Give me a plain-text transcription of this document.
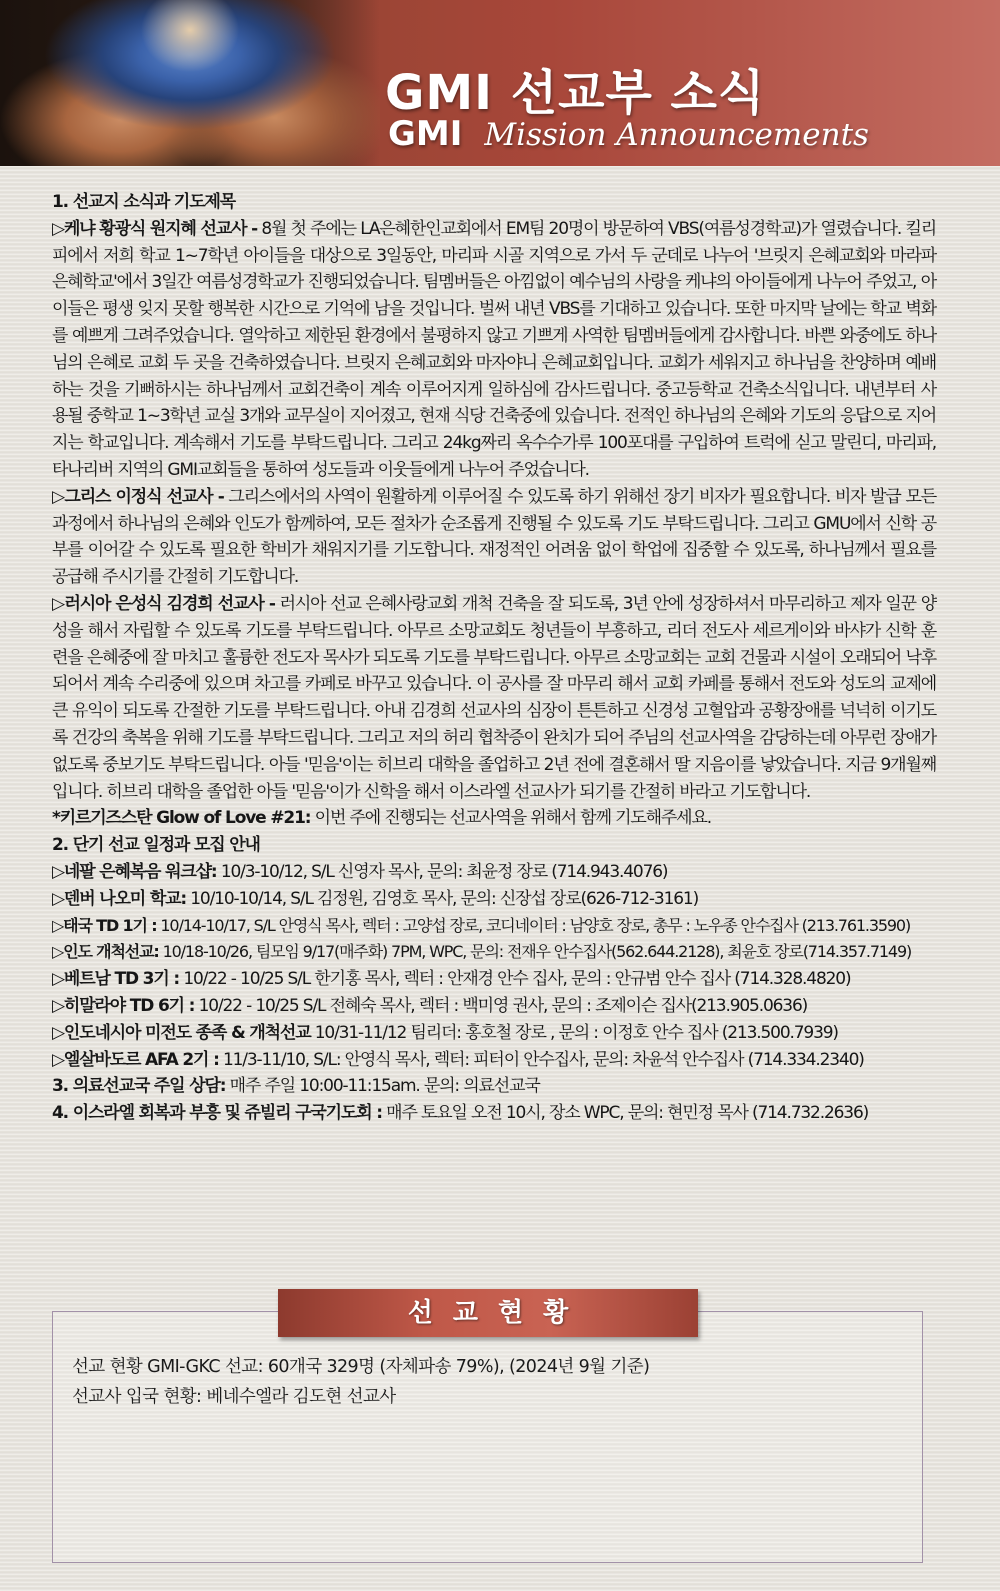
GMI 선교부 소식
GMI Mission Announcements
1. 선교지 소식과 기도제목

▷케냐 황광식 원지혜 선교사 - 8월 첫 주에는 LA은혜한인교회에서 EM팀 20명이 방문하여 VBS(여름성경학교)가 열렸습니다. 킬리피에서 저희 학교 1~7학년 아이들을 대상으로 3일동안, 마리파 시골 지역으로 가서 두 군데로 나누어 '브릿지 은혜교회와 마라파 은혜학교'에서 3일간 여름성경학교가 진행되었습니다. 팀멤버들은 아낌없이 예수님의 사랑을 케냐의 아이들에게 나누어 주었고, 아이들은 평생 잊지 못할 행복한 시간으로 기억에 남을 것입니다. 벌써 내년 VBS를 기대하고 있습니다. 또한 마지막 날에는 학교 벽화를 예쁘게 그려주었습니다. 열악하고 제한된 환경에서 불평하지 않고 기쁘게 사역한 팀멤버들에게 감사합니다. 바쁜 와중에도 하나님의 은혜로 교회 두 곳을 건축하였습니다. 브릿지 은혜교회와 마자야니 은혜교회입니다. 교회가 세워지고 하나님을 찬양하며 예배하는 것을 기뻐하시는 하나님께서 교회건축이 계속 이루어지게 일하심에 감사드립니다. 중고등학교 건축소식입니다. 내년부터 사용될 중학교 1~3학년 교실 3개와 교무실이 지어졌고, 현재 식당 건축중에 있습니다. 전적인 하나님의 은혜와 기도의 응답으로 지어지는 학교입니다. 계속해서 기도를 부탁드립니다. 그리고 24kg짜리 옥수수가루 100포대를 구입하여 트럭에 싣고 말린디, 마리파, 타나리버 지역의 GMI교회들을 통하여 성도들과 이웃들에게 나누어 주었습니다.

▷그리스 이정식 선교사 - 그리스에서의 사역이 원활하게 이루어질 수 있도록 하기 위해선 장기 비자가 필요합니다. 비자 발급 모든 과정에서 하나님의 은혜와 인도가 함께하여, 모든 절차가 순조롭게 진행될 수 있도록 기도 부탁드립니다. 그리고 GMU에서 신학 공부를 이어갈 수 있도록 필요한 학비가 채워지기를 기도합니다. 재정적인 어려움 없이 학업에 집중할 수 있도록, 하나님께서 필요를 공급해 주시기를 간절히 기도합니다.

▷러시아 은성식 김경희 선교사 - 러시아 선교 은혜사랑교회 개척 건축을 잘 되도록, 3년 안에 성장하셔서 마무리하고 제자 일꾼 양성을 해서 자립할 수 있도록 기도를 부탁드립니다. 아무르 소망교회도 청년들이 부흥하고, 리더 전도사 세르게이와 바샤가 신학 훈련을 은혜중에 잘 마치고 훌륭한 전도자 목사가 되도록 기도를 부탁드립니다. 아무르 소망교회는 교회 건물과 시설이 오래되어 낙후되어서 계속 수리중에 있으며 차고를 카페로 바꾸고 있습니다. 이 공사를 잘 마무리 해서 교회 카페를 통해서 전도와 성도의 교제에 큰 유익이 되도록 간절한 기도를 부탁드립니다. 아내 김경희 선교사의 심장이 튼튼하고 신경성 고혈압과 공황장애를 넉넉히 이기도록 건강의 축복을 위해 기도를 부탁드립니다. 그리고 저의 허리 협착증이 완치가 되어 주님의 선교사역을 감당하는데 아무런 장애가 없도록 중보기도 부탁드립니다. 아들 '믿음'이는 히브리 대학을 졸업하고 2년 전에 결혼해서 딸 지음이를 낳았습니다. 지금 9개월째 입니다. 히브리 대학을 졸업한 아들 '믿음'이가 신학을 해서 이스라엘 선교사가 되기를 간절히 바라고 기도합니다.

*키르기즈스탄 Glow of Love #21: 이번 주에 진행되는 선교사역을 위해서 함께 기도해주세요.

2. 단기 선교 일정과 모집 안내
▷네팔 은혜복음 워크샵: 10/3-10/12, S/L 신영자 목사, 문의: 최윤정 장로 (714.943.4076)
▷덴버 나오미 학교: 10/10-10/14, S/L 김정원, 김영호 목사, 문의: 신장섭 장로(626-712-3161)
▷태국 TD 1기 : 10/14-10/17, S/L 안영식 목사, 렉터 : 고양섭 장로, 코디네이터 : 남양호 장로, 총무 : 노우종 안수집사 (213.761.3590)
▷인도 개척선교: 10/18-10/26, 팀모임 9/17(매주화) 7PM, WPC, 문의: 전재우 안수집사(562.644.2128), 최윤호 장로(714.357.7149)
▷베트남 TD 3기 : 10/22 - 10/25 S/L 한기홍 목사, 렉터 : 안재경 안수 집사, 문의 : 안규범 안수 집사 (714.328.4820)
▷히말라야 TD 6기 : 10/22 - 10/25 S/L 전혜숙 목사, 렉터 : 백미영 권사, 문의 : 조제이슨 집사(213.905.0636)
▷인도네시아 미전도 종족 & 개척선교 10/31-11/12 팀리더: 홍호철 장로 , 문의 : 이정호 안수 집사 (213.500.7939)
▷엘살바도르 AFA 2기 : 11/3-11/10, S/L: 안영식 목사, 렉터: 피터이 안수집사, 문의: 차윤석 안수집사 (714.334.2340)
3. 의료선교국 주일 상담: 매주 주일 10:00-11:15am. 문의: 의료선교국
4. 이스라엘 회복과 부흥 및 쥬빌리 구국기도회 : 매주 토요일 오전 10시, 장소 WPC, 문의: 현민정 목사 (714.732.2636)
선교현황
선교 현황 GMI-GKC 선교: 60개국 329명 (자체파송 79%), (2024년 9월 기준)
선교사 입국 현황: 베네수엘라 김도현 선교사
